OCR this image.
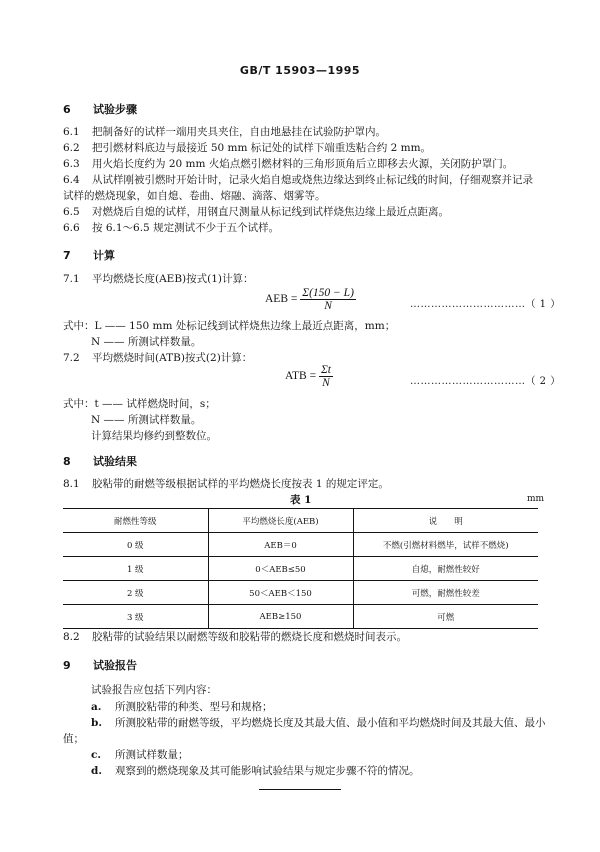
GB/T 15903—1995
6 试验步骤
6.1 把制备好的试样一端用夹具夹住，自由地悬挂在试验防护罩内。
6.2 把引燃材料底边与最接近 50 mm 标记处的试样下端重迭粘合约 2 mm。
6.3 用火焰长度约为 20 mm 火焰点燃引燃材料的三角形顶角后立即移去火源，关闭防护罩门。
6.4 从试样刚被引燃时开始计时，记录火焰自熄或烧焦边缘达到终止标记线的时间，仔细观察并记录
试样的燃烧现象，如自熄、卷曲、熔融、滴落、烟雾等。
6.5 对燃烧后自熄的试样，用钢直尺测量从标记线到试样烧焦边缘上最近点距离。
6.6 按 6.1～6.5 规定测试不少于五个试样。
7 计算
7.1 平均燃烧长度(AEB)按式(1)计算：
AEB = $\frac{\Sigma(150 - L)}{N}$	……………………………（ 1 ）
式中：L —— 150 mm 处标记线到试样烧焦边缘上最近点距离，mm；
N —— 所测试样数量。
7.2 平均燃烧时间(ATB)按式(2)计算：
ATB = $\frac{\Sigma t}{N}$	……………………………（ 2 ）
式中：t —— 试样燃烧时间，s；
N —— 所测试样数量。
计算结果均修约到整数位。
8 试验结果
8.1 胶粘带的耐燃等级根据试样的平均燃烧长度按表 1 的规定评定。
表 1	mm
耐燃性等级	平均燃烧长度(AEB)	说　　明
0 级	AEB＝0	不燃(引燃材料燃毕，试样不燃烧)
1 级	0＜AEB≤50	自熄，耐燃性较好
2 级	50＜AEB＜150	可燃，耐燃性较差
3 级	AEB≥150	可燃
8.2 胶粘带的试验结果以耐燃等级和胶粘带的燃烧长度和燃烧时间表示。
9 试验报告
试验报告应包括下列内容：
a. 所测胶粘带的种类、型号和规格；
b. 所测胶粘带的耐燃等级，平均燃烧长度及其最大值、最小值和平均燃烧时间及其最大值、最小
值；
c. 所测试样数量；
d. 观察到的燃烧现象及其可能影响试验结果与规定步骤不符的情况。
